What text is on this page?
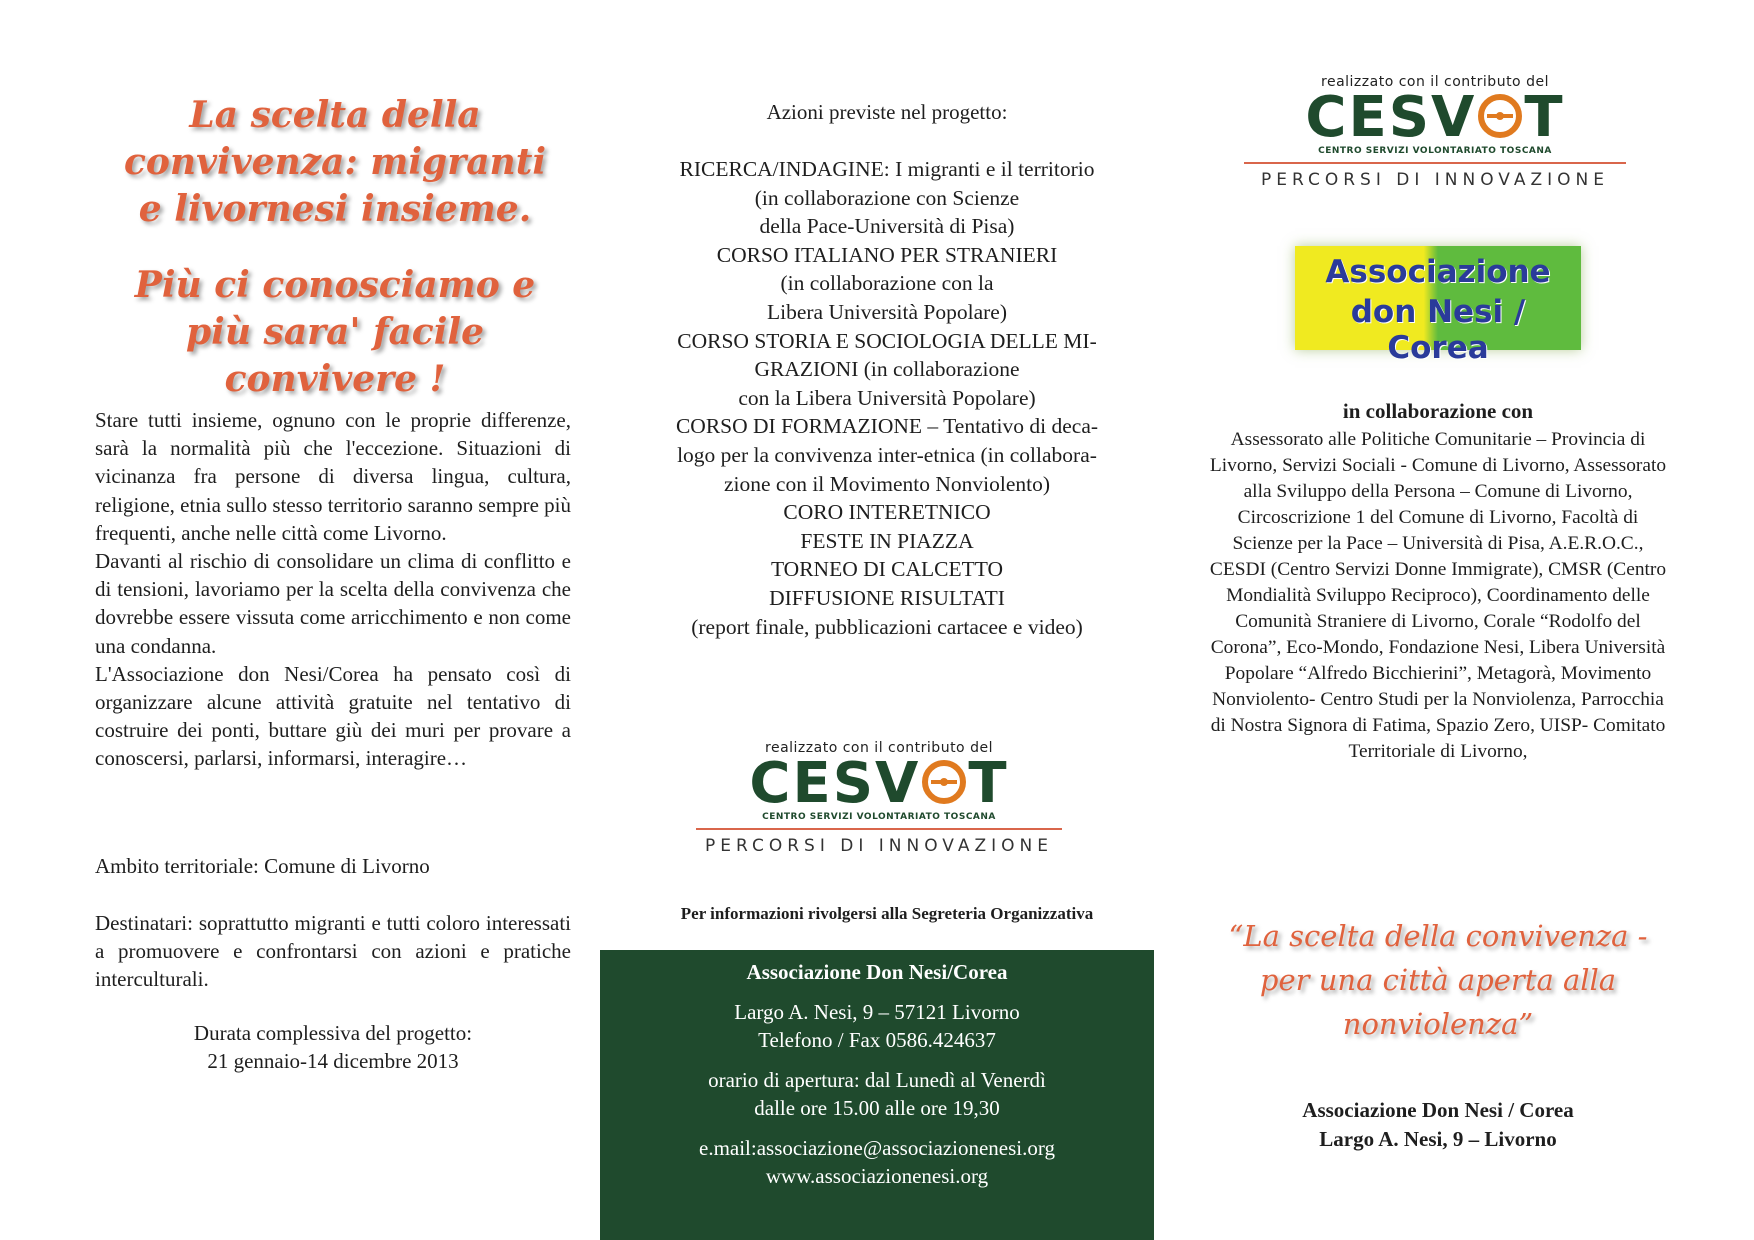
La scelta della convivenza: migranti e livornesi insieme.
Più ci conosciamo e più sara' facile convivere !

Stare tutti insieme, ognuno con le proprie differenze, sarà la normalità più che l'eccezione. Situazioni di vicinanza fra persone di diversa lingua, cultura, religione, etnia sullo stesso territorio saranno sempre più frequenti, anche nelle città come Livorno.

Davanti al rischio di consolidare un clima di conflitto e di tensioni, lavoriamo per la scelta della convivenza che dovrebbe essere vissuta come arricchimento e non come una condanna.

L'Associazione don Nesi/Corea ha pensato così di organizzare alcune attività gratuite nel tentativo di costruire dei ponti, buttare giù dei muri per provare a conoscersi, parlarsi, informarsi, interagire…

Ambito territoriale: Comune di Livorno

Destinatari: soprattutto migranti e tutti coloro interessati a promuovere e confrontarsi con azioni e pratiche interculturali.

Durata complessiva del progetto:
21 gennaio-14 dicembre 2013
Azioni previste nel progetto:
RICERCA/INDAGINE: I migranti e il territorio
(in collaborazione con Scienze
della Pace-Università di Pisa)
CORSO ITALIANO PER STRANIERI
(in collaborazione con la
Libera Università Popolare)
CORSO STORIA E SOCIOLOGIA DELLE MI-
GRAZIONI (in collaborazione
con la Libera Università Popolare)
CORSO DI FORMAZIONE – Tentativo di deca-
logo per la convivenza inter-etnica (in collabora-
zione con il Movimento Nonviolento)
CORO INTERETNICO
FESTE IN PIAZZA
TORNEO DI CALCETTO
DIFFUSIONE RISULTATI
(report finale, pubblicazioni cartacee e video)
realizzato con il contributo del
CESV T
CENTRO SERVIZI VOLONTARIATO TOSCANA
PERCORSI DI INNOVAZIONE
Per informazioni rivolgersi alla Segreteria Organizzativa

Associazione Don Nesi/Corea

Largo A. Nesi, 9 – 57121 Livorno

Telefono / Fax 0586.424637

orario di apertura: dal Lunedì al Venerdì

dalle ore 15.00 alle ore 19,30

e.mail:associazione@associazionenesi.org

www.associazionenesi.org

realizzato con il contributo del
CESV T
CENTRO SERVIZI VOLONTARIATO TOSCANA
PERCORSI DI INNOVAZIONE
Associazione
don Nesi / Corea
in collaborazione con

Assessorato alle Politiche Comunitarie – Provincia di Livorno, Servizi Sociali - Comune di Livorno, Assessorato alla Sviluppo della Persona – Comune di Livorno, Circoscrizione 1 del Comune di Livorno, Facoltà di Scienze per la Pace – Università di Pisa, A.E.R.O.C., CESDI (Centro Servizi Donne Immigrate), CMSR (Centro Mondialità Sviluppo Reciproco), Coordinamento delle Comunità Straniere di Livorno, Corale “Rodolfo del Corona”, Eco-Mondo, Fondazione Nesi, Libera Università Popolare “Alfredo Bicchierini”, Metagorà, Movimento Nonviolento- Centro Studi per la Nonviolenza, Parrocchia di Nostra Signora di Fatima, Spazio Zero, UISP- Comitato Territoriale di Livorno,

“La scelta della convivenza - per una città aperta alla nonviolenza”
Associazione Don Nesi / Corea
Largo A. Nesi, 9 – Livorno
